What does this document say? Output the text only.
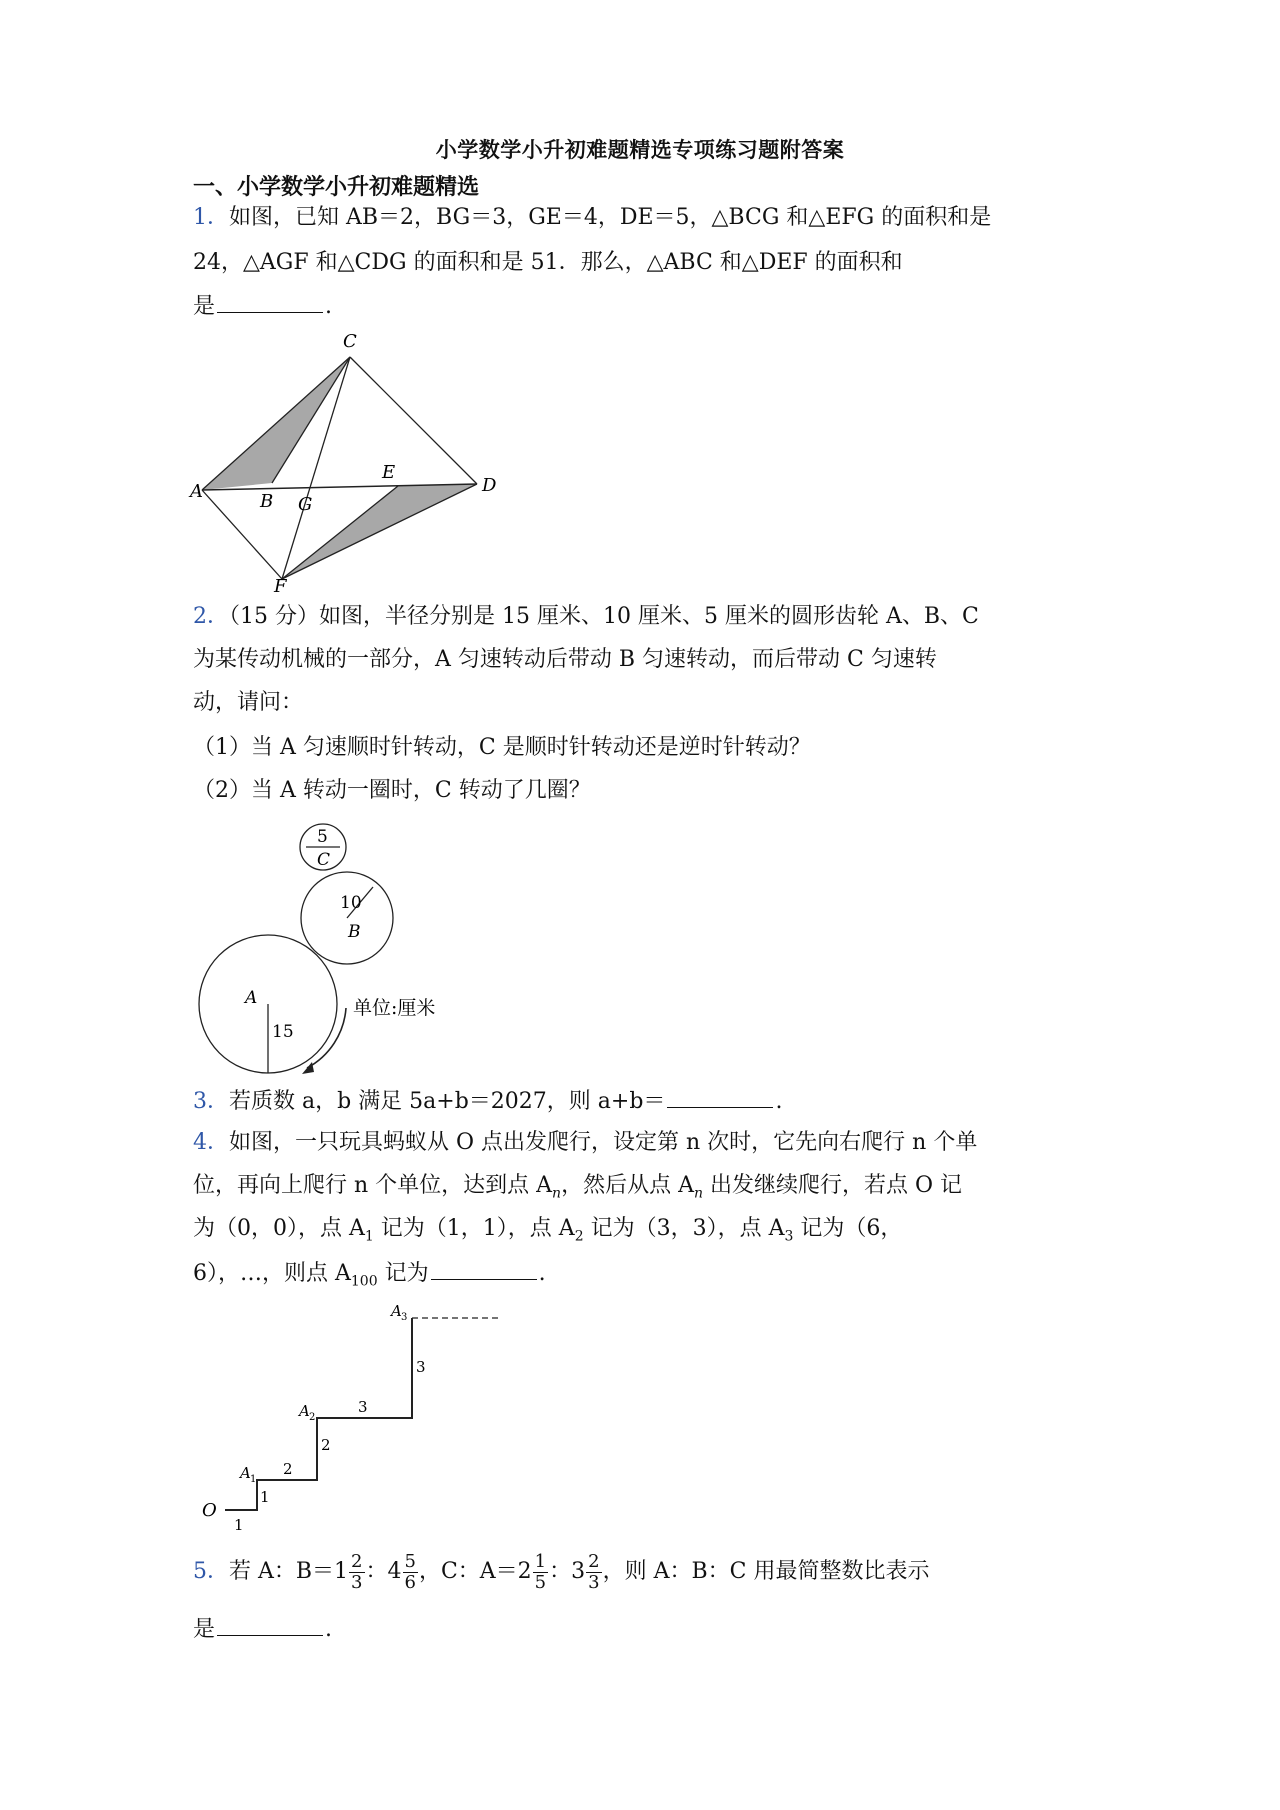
小学数学小升初难题精选专项练习题附答案
一、小学数学小升初难题精选
1．如图，已知 AB＝2，BG＝3，GE＝4，DE＝5，△BCG 和△EFG 的面积和是
24，△AGF 和△CDG 的面积和是 51．那么，△ABC 和△DEF 的面积和
是	.
A	B G
E
D
C
F
2．（15 分）如图，半径分别是 15 厘米、10 厘米、5 厘米的圆形齿轮 A、B、C
为某传动机械的一部分，A 匀速转动后带动 B 匀速转动，而后带动 C 匀速转
动，请问：
（1）当 A 匀速顺时针转动，C 是顺时针转动还是逆时针转动？
（2）当 A 转动一圈时，C 转动了几圈？
5
C
10
B
A
15
单位:厘米
3．若质数 a，b 满足 5a+b＝2027，则 a+b＝	.
4．如图，一只玩具蚂蚁从 O 点出发爬行，设定第 n 次时，它先向右爬行 n 个单
位，再向上爬行 n 个单位，达到点 $A_n$，然后从点 $A_n$ 出发继续爬行，若点 O 记
为（0，0），点 $A_1$ 记为（1，1），点 $A_2$ 记为（3，3），点 $A_3$ 记为（6，
6），…，则点 $A_{100}$ 记为	.
O
1
1
A 1
2
2
A 2
3
3
A 3
5．若 A：$B=1 \frac{2}{3}$ ：$4 \frac{5}{6}$ ，C：$A=2 \frac{1}{5}$ ：$3 \frac{2}{3}$ ，则 A：B：C 用最简整数比表示
是	.
